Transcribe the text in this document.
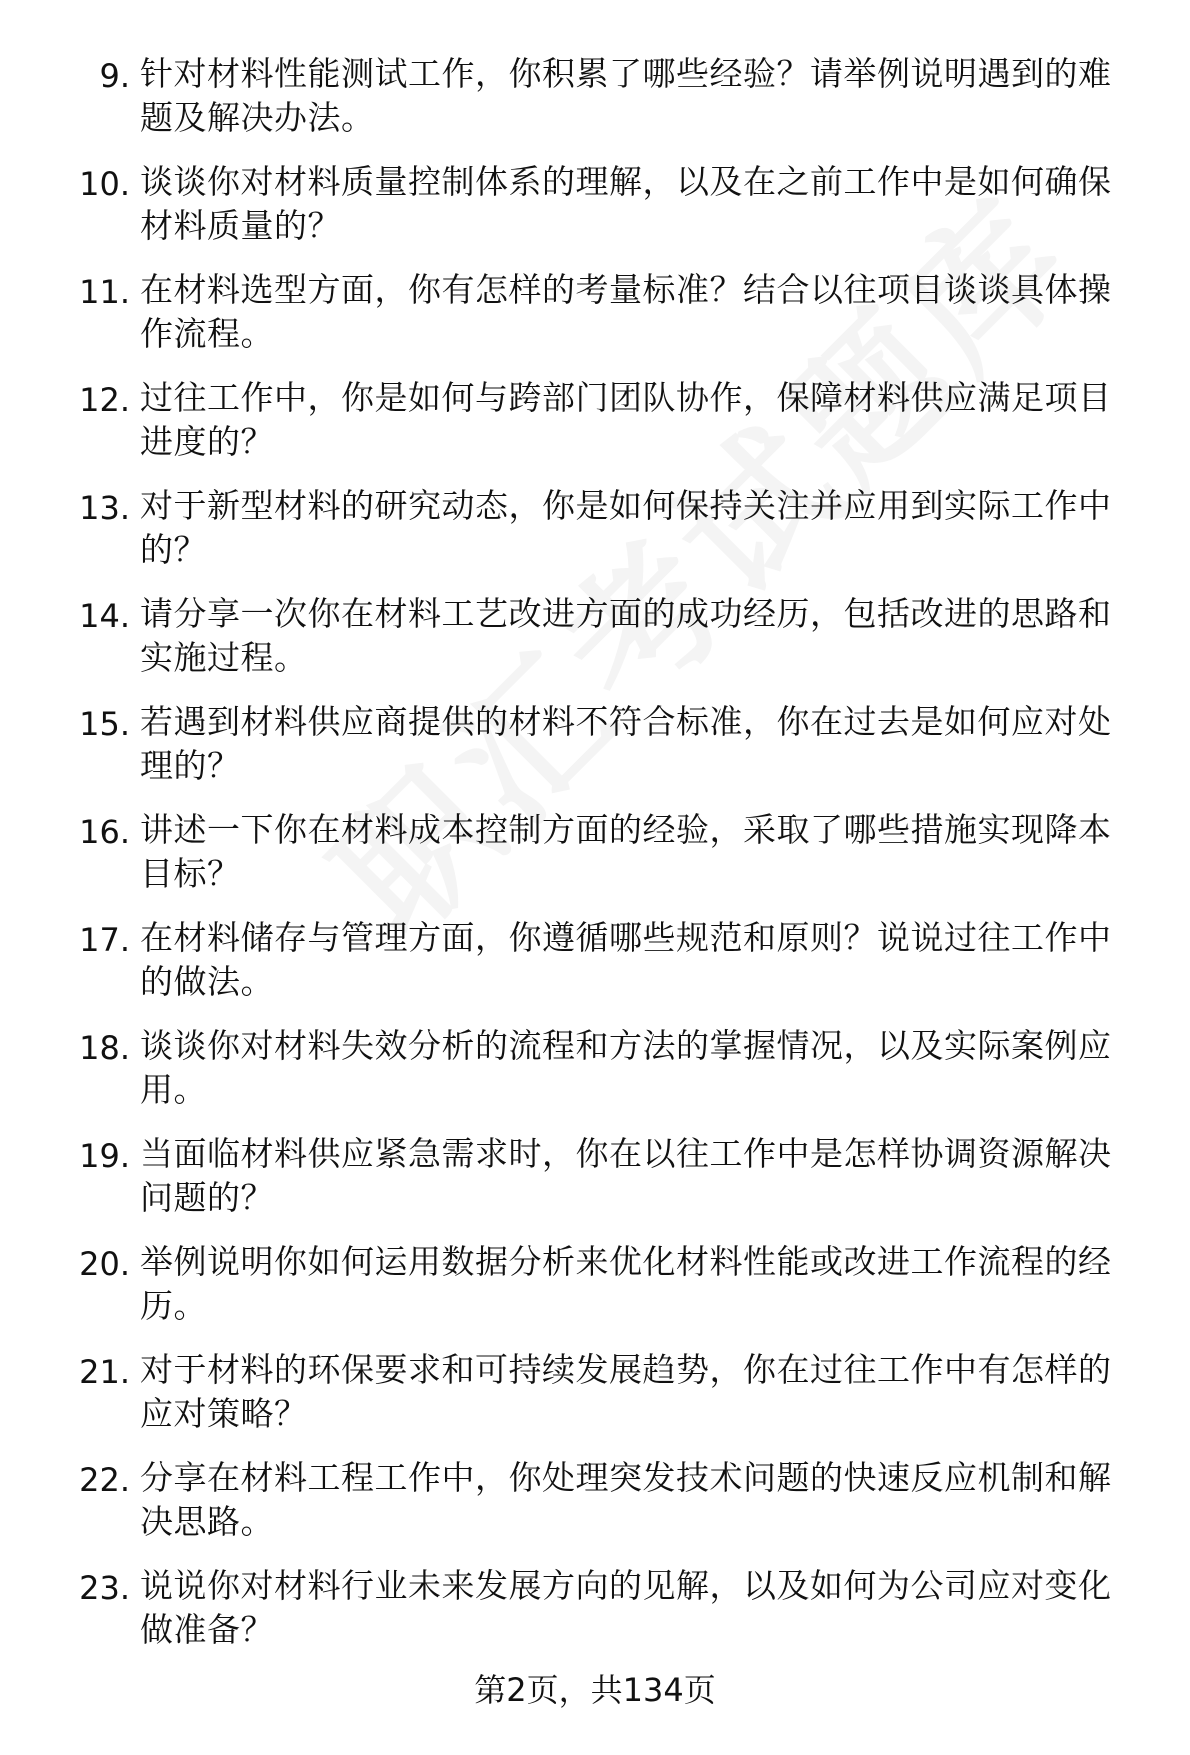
9. 针对材料性能测试工作，你积累了哪些经验？请举例说明遇到的难题及解决办法。
10. 谈谈你对材料质量控制体系的理解，以及在之前工作中是如何确保材料质量的？
11. 在材料选型方面，你有怎样的考量标准？结合以往项目谈谈具体操作流程。
12. 过往工作中，你是如何与跨部门团队协作，保障材料供应满足项目进度的？
13. 对于新型材料的研究动态，你是如何保持关注并应用到实际工作中的？
14. 请分享一次你在材料工艺改进方面的成功经历，包括改进的思路和实施过程。
15. 若遇到材料供应商提供的材料不符合标准，你在过去是如何应对处理的？
16. 讲述一下你在材料成本控制方面的经验，采取了哪些措施实现降本目标？
17. 在材料储存与管理方面，你遵循哪些规范和原则？说说过往工作中的做法。
18. 谈谈你对材料失效分析的流程和方法的掌握情况，以及实际案例应用。
19. 当面临材料供应紧急需求时，你在以往工作中是怎样协调资源解决问题的？
20. 举例说明你如何运用数据分析来优化材料性能或改进工作流程的经历。
21. 对于材料的环保要求和可持续发展趋势，你在过往工作中有怎样的应对策略？
22. 分享在材料工程工作中，你处理突发技术问题的快速反应机制和解决思路。
23. 说说你对材料行业未来发展方向的见解，以及如何为公司应对变化做准备？
第2页，共134页
